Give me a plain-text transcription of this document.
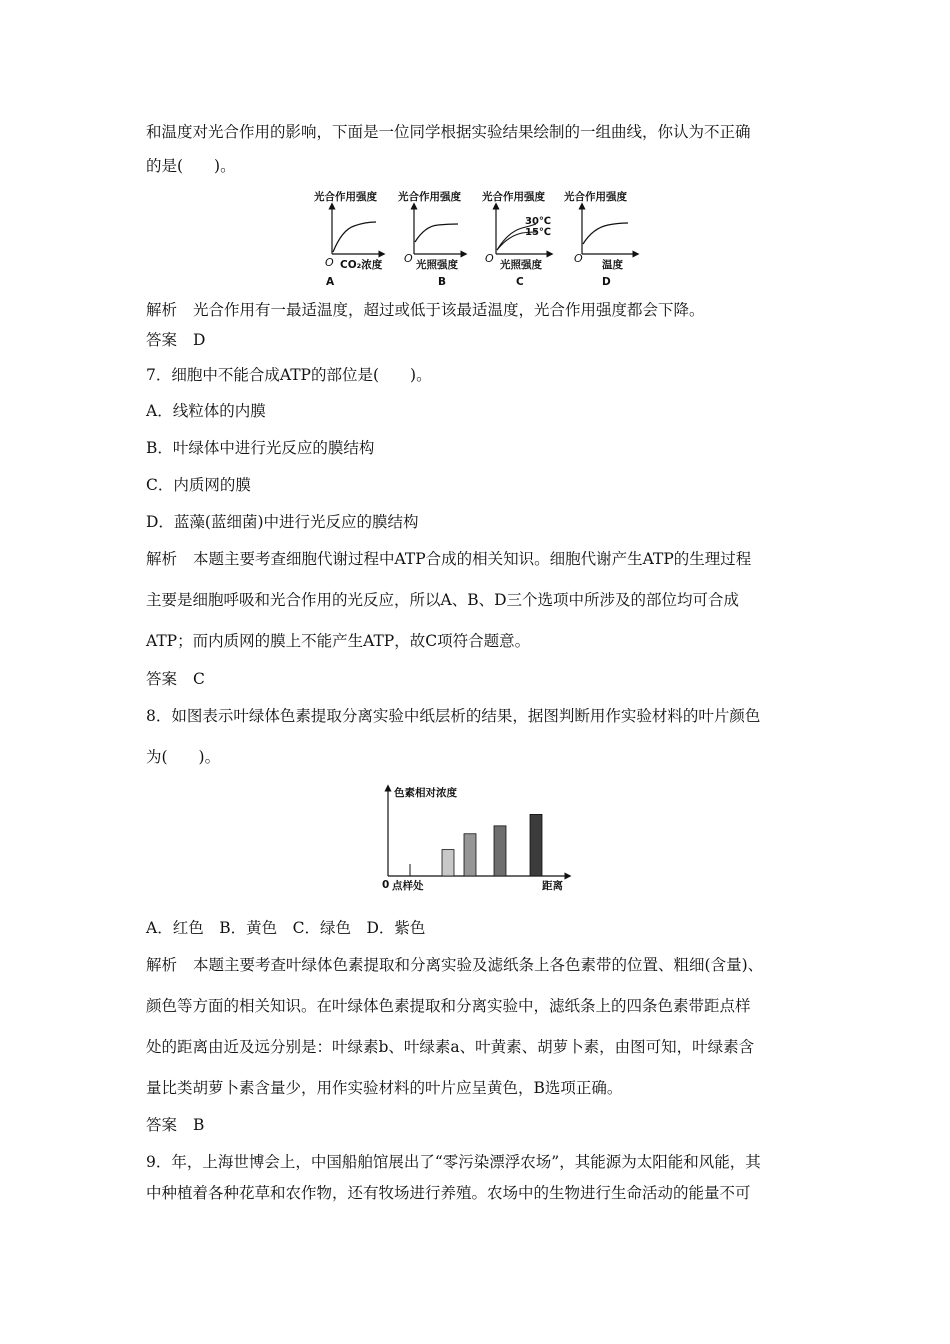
和温度对光合作用的影响，下面是一位同学根据实验结果绘制的一组曲线，你认为不正确
的是(　　)。
光合作用强度
O CO₂浓度
A
光合作用强度
O 光照强度
B
光合作用强度
30℃
15℃
O 光照强度
C
光合作用强度
O 温度
D
解析 光合作用有一最适温度，超过或低于该最适温度，光合作用强度都会下降。
答案 D
7．细胞中不能合成ATP的部位是(　　)。
A．线粒体的内膜
B．叶绿体中进行光反应的膜结构
C．内质网的膜
D．蓝藻(蓝细菌)中进行光反应的膜结构
解析 本题主要考查细胞代谢过程中ATP合成的相关知识。细胞代谢产生ATP的生理过程
主要是细胞呼吸和光合作用的光反应，所以A、B、D三个选项中所涉及的部位均可合成
ATP；而内质网的膜上不能产生ATP，故C项符合题意。
答案 C
8．如图表示叶绿体色素提取分离实验中纸层析的结果，据图判断用作实验材料的叶片颜色
为(　　)。
色素相对浓度
0 点样处	距离
A．红色　B．黄色　C．绿色　D．紫色
解析 本题主要考查叶绿体色素提取和分离实验及滤纸条上各色素带的位置、粗细(含量)、
颜色等方面的相关知识。在叶绿体色素提取和分离实验中，滤纸条上的四条色素带距点样
处的距离由近及远分别是：叶绿素b、叶绿素a、叶黄素、胡萝卜素，由图可知，叶绿素含
量比类胡萝卜素含量少，用作实验材料的叶片应呈黄色，B选项正确。
答案 B
9．年，上海世博会上，中国船舶馆展出了“零污染漂浮农场”，其能源为太阳能和风能，其
中种植着各种花草和农作物，还有牧场进行养殖。农场中的生物进行生命活动的能量不可
